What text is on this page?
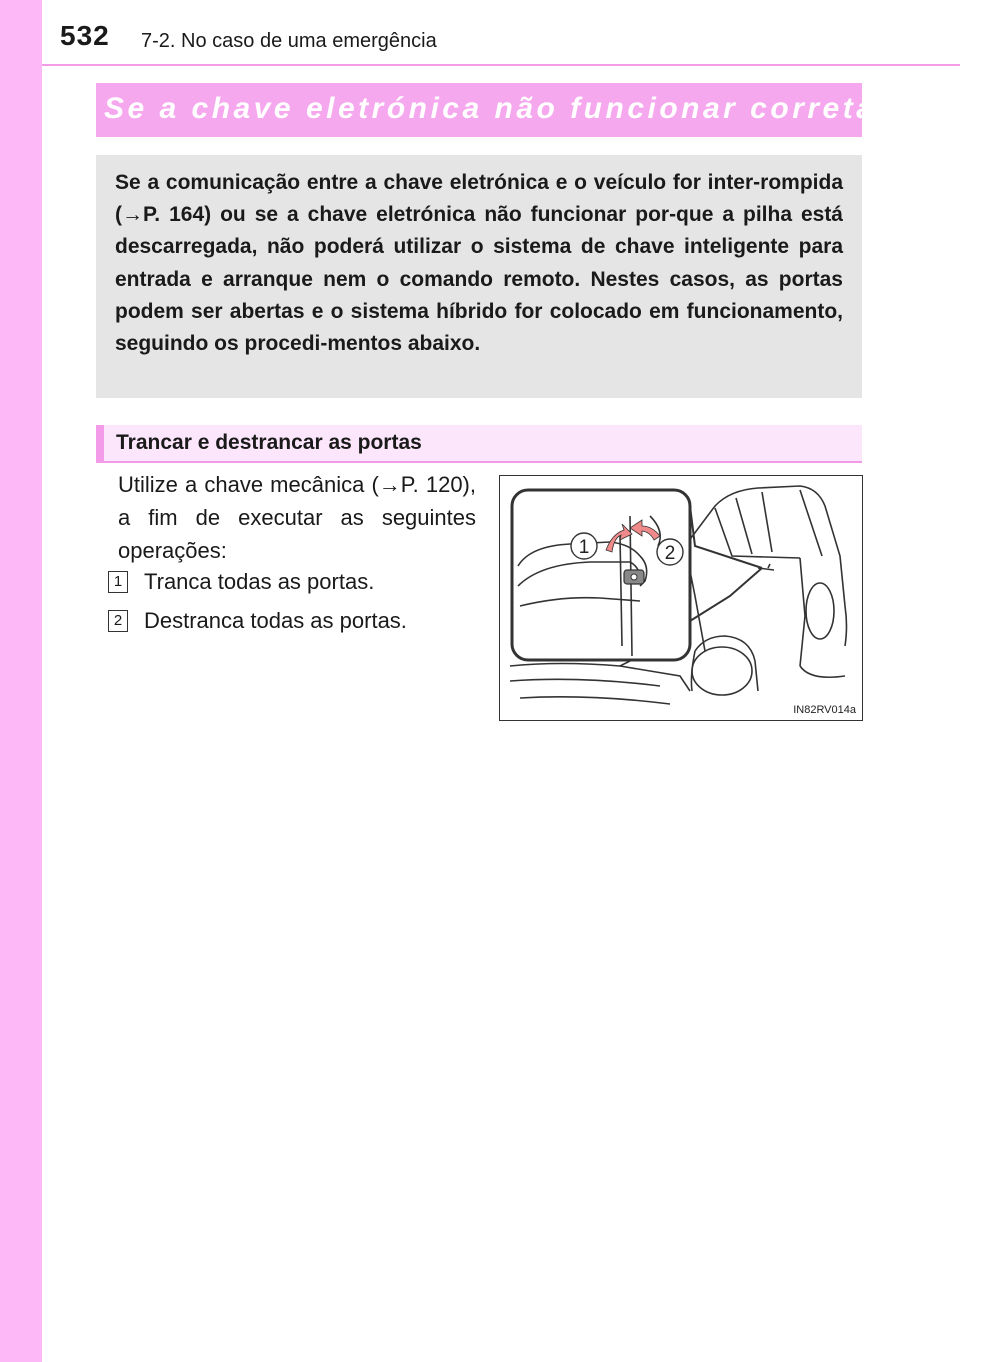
532 7-2. No caso de uma emergência
Se a chave eletrónica não funcionar corretamente

Se a comunicação entre a chave eletrónica e o veículo for inter-rompida (→P. 164) ou se a chave eletrónica não funcionar por-que a pilha está descarregada, não poderá utilizar o sistema de chave inteligente para entrada e arranque nem o comando remoto. Nestes casos, as portas podem ser abertas e o sistema híbrido for colocado em funcionamento, seguindo os procedi-mentos abaixo.

Trancar e destrancar as portas

Utilize a chave mecânica (→P. 120), a fim de executar as seguintes operações:

1 Tranca todas as portas.
2 Destranca todas as portas.
1	2
IN82RV014a
